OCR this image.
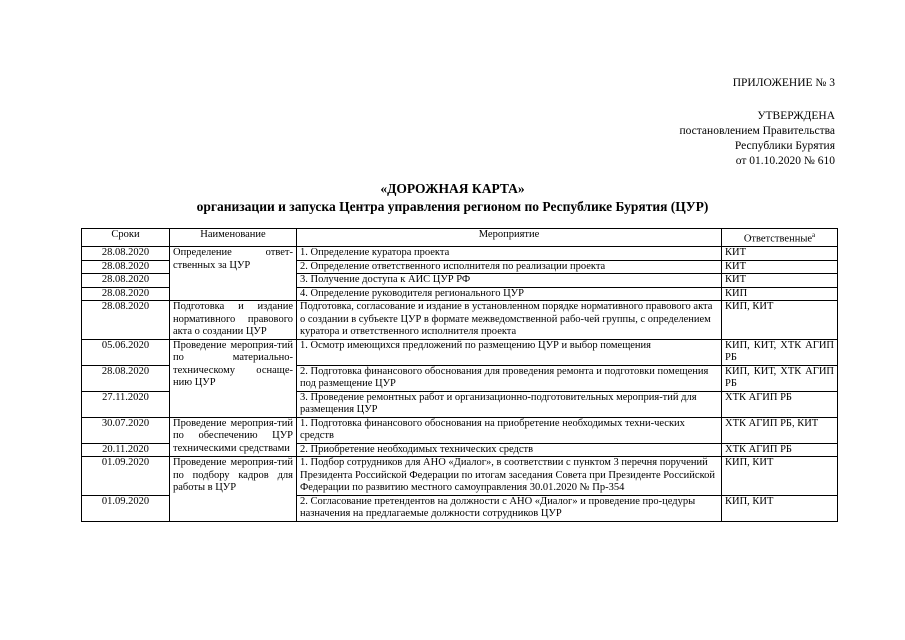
ПРИЛОЖЕНИЕ № 3
УТВЕРЖДЕНА
постановлением Правительства
Республики Бурятия
от 01.10.2020 № 610
«ДОРОЖНАЯ КАРТА»
организации и запуска Центра управления регионом по Республике Бурятия (ЦУР)
Сроки	Наименование	Мероприятие	Ответственные$^а$
28.08.2020	Определение ответ-ственных за ЦУР	1. Определение куратора проекта	КИТ
28.08.2020		2. Определение ответственного исполнителя по реализации проекта	КИТ
28.08.2020		3. Получение доступа к АИС ЦУР РФ	КИТ
28.08.2020		4. Определение руководителя регионального ЦУР	КИП
28.08.2020	Подготовка и издание нормативного правового акта о создании ЦУР	Подготовка, согласование и издание в установленном порядке нормативного правового акта о создании в субъекте ЦУР в формате межведомственной рабо-чей группы, с определением куратора и ответственного исполнителя проекта	КИП, КИТ
05.06.2020	Проведение мероприя-тий по материально-техническому оснаще-нию ЦУР	1. Осмотр имеющихся предложений по размещению ЦУР и выбор помещения	КИП, КИТ, ХТК АГИП РБ
28.08.2020		2. Подготовка финансового обоснования для проведения ремонта и подготовки помещения под размещение ЦУР	КИП, КИТ, ХТК АГИП РБ
27.11.2020		3. Проведение ремонтных работ и организационно-подготовительных мероприя-тий для размещения ЦУР	ХТК АГИП РБ
30.07.2020	Проведение мероприя-тий по обеспечению ЦУР техническими средствами	1. Подготовка финансового обоснования на приобретение необходимых техни-ческих средств	ХТК АГИП РБ, КИТ
20.11.2020		2. Приобретение необходимых технических средств	ХТК АГИП РБ
01.09.2020	Проведение мероприя-тий по подбору кадров для работы в ЦУР	1. Подбор сотрудников для АНО «Диалог», в соответствии с пунктом 3 перечня поручений Президента Российской Федерации по итогам заседания Совета при Президенте Российской Федерации по развитию местного самоуправления 30.01.2020 № Пр-354	КИП, КИТ
01.09.2020		2. Согласование претендентов на должности с АНО «Диалог» и проведение про-цедуры назначения на предлагаемые должности сотрудников ЦУР	КИП, КИТ
